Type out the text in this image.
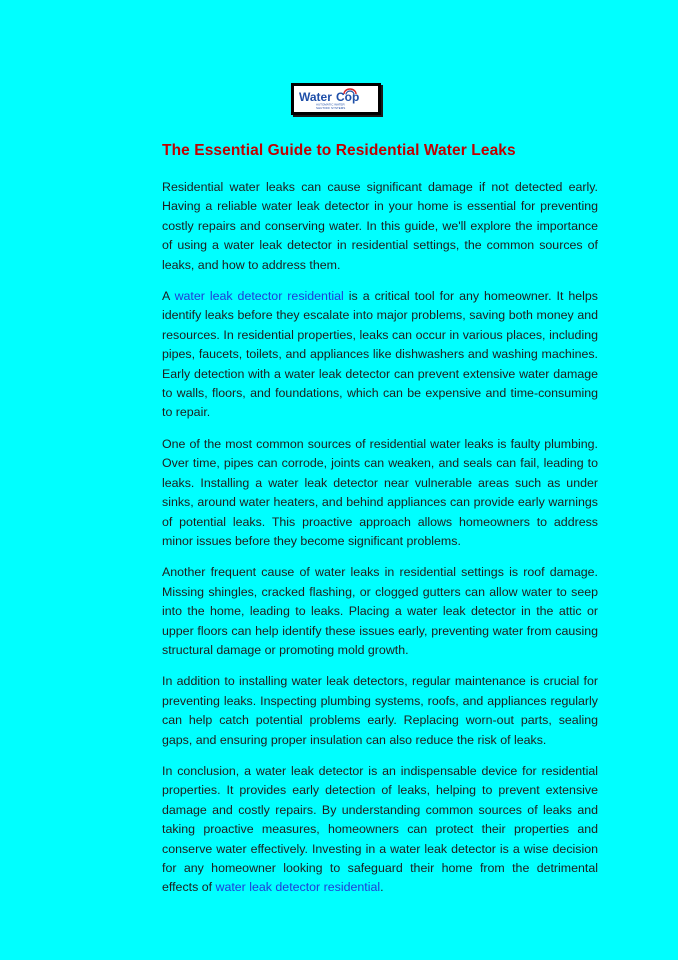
Water Cop
AUTOMATIC WATER
SHUTOFF SYSTEMS
The Essential Guide to Residential Water Leaks

Residential water leaks can cause significant damage if not detected early. Having a reliable water leak detector in your home is essential for preventing costly repairs and conserving water. In this guide, we'll explore the importance of using a water leak detector in residential settings, the common sources of leaks, and how to address them.

A water leak detector residential is a critical tool for any homeowner. It helps identify leaks before they escalate into major problems, saving both money and resources. In residential properties, leaks can occur in various places, including pipes, faucets, toilets, and appliances like dishwashers and washing machines. Early detection with a water leak detector can prevent extensive water damage to walls, floors, and foundations, which can be expensive and time-consuming to repair.

One of the most common sources of residential water leaks is faulty plumbing. Over time, pipes can corrode, joints can weaken, and seals can fail, leading to leaks. Installing a water leak detector near vulnerable areas such as under sinks, around water heaters, and behind appliances can provide early warnings of potential leaks. This proactive approach allows homeowners to address minor issues before they become significant problems.

Another frequent cause of water leaks in residential settings is roof damage. Missing shingles, cracked flashing, or clogged gutters can allow water to seep into the home, leading to leaks. Placing a water leak detector in the attic or upper floors can help identify these issues early, preventing water from causing structural damage or promoting mold growth.

In addition to installing water leak detectors, regular maintenance is crucial for preventing leaks. Inspecting plumbing systems, roofs, and appliances regularly can help catch potential problems early. Replacing worn-out parts, sealing gaps, and ensuring proper insulation can also reduce the risk of leaks.

In conclusion, a water leak detector is an indispensable device for residential properties. It provides early detection of leaks, helping to prevent extensive damage and costly repairs. By understanding common sources of leaks and taking proactive measures, homeowners can protect their properties and conserve water effectively. Investing in a water leak detector is a wise decision for any homeowner looking to safeguard their home from the detrimental effects of water leak detector residential.
